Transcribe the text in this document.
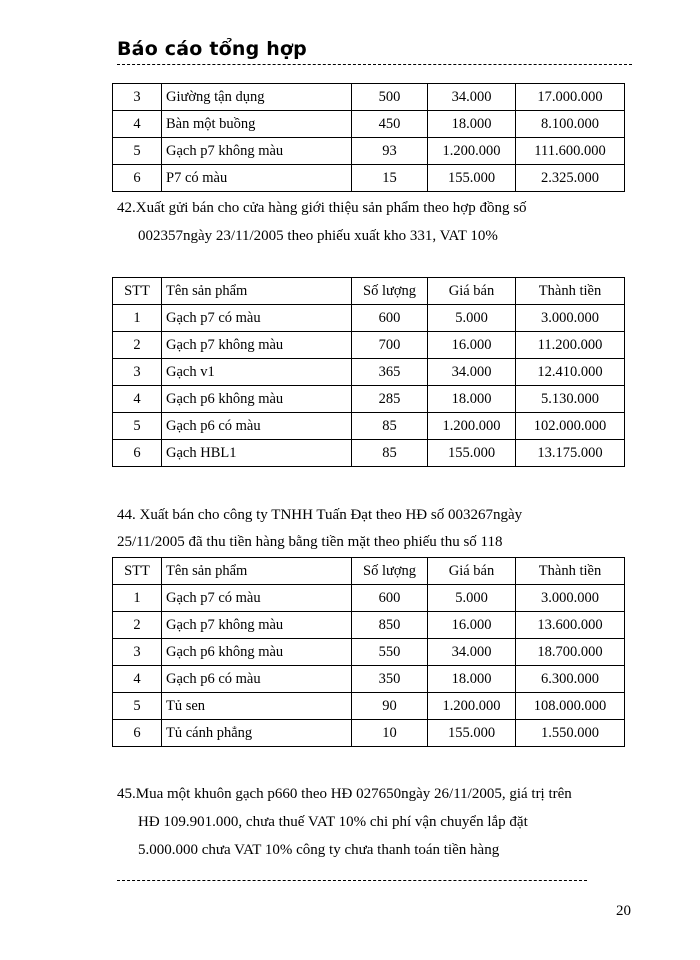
Báo cáo tổng hợp
3	Giường tận dụng	500	34.000	17.000.000
4	Bàn một buồng	450	18.000	8.100.000
5	Gạch p7 không màu	93	1.200.000	111.600.000
6	P7 có màu	15	155.000	2.325.000
42.Xuất gửi bán cho cửa hàng giới thiệu sản phẩm theo hợp đồng số
002357ngày 23/11/2005 theo phiếu xuất kho 331, VAT 10%
STT	Tên sản phẩm	Số lượng	Giá bán	Thành tiền
1	Gạch p7 có màu	600	5.000	3.000.000
2	Gạch p7 không màu	700	16.000	11.200.000
3	Gạch v1	365	34.000	12.410.000
4	Gạch p6 không màu	285	18.000	5.130.000
5	Gạch p6 có màu	85	1.200.000	102.000.000
6	Gạch HBL1	85	155.000	13.175.000
44. Xuất bán cho công ty TNHH Tuấn Đạt theo HĐ số 003267ngày
25/11/2005 đã thu tiền hàng bằng tiền mặt theo phiếu thu số 118
STT	Tên sản phẩm	Số lượng	Giá bán	Thành tiền
1	Gạch p7 có màu	600	5.000	3.000.000
2	Gạch p7 không màu	850	16.000	13.600.000
3	Gạch p6 không màu	550	34.000	18.700.000
4	Gạch p6 có màu	350	18.000	6.300.000
5	Tủ sen	90	1.200.000	108.000.000
6	Tủ cánh phẳng	10	155.000	1.550.000
45.Mua một khuôn gạch p660 theo HĐ 027650ngày 26/11/2005, giá trị trên
HĐ 109.901.000, chưa thuế VAT 10% chi phí vận chuyển lắp đặt
5.000.000 chưa VAT 10% công ty chưa thanh toán tiền hàng
20
